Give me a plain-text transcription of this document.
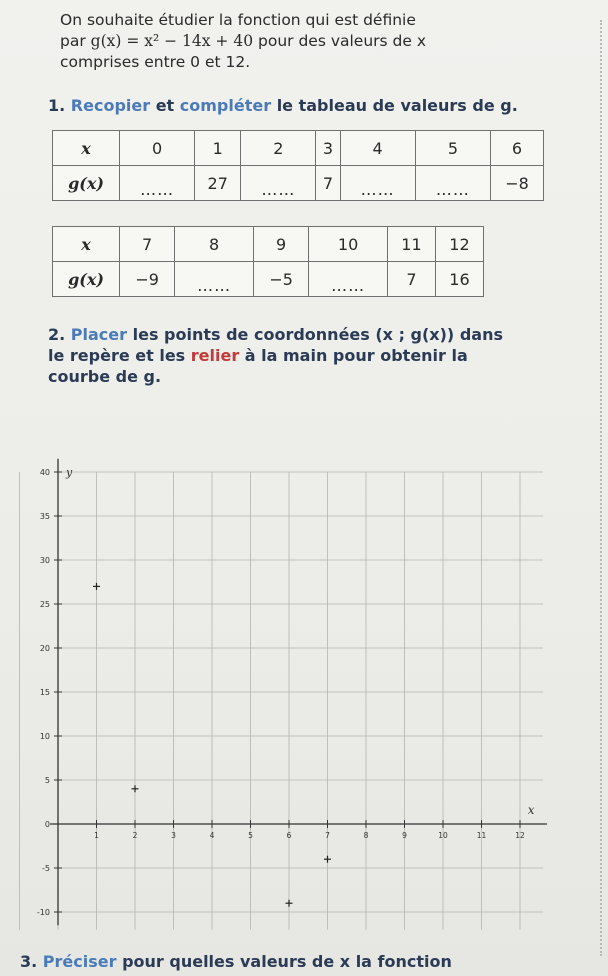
On souhaite étudier la fonction qui est définie
par g(x) = x² − 14x + 40 pour des valeurs de x
comprises entre 0 et 12.
1. Recopier et compléter le tableau de valeurs de g.
x	0	1	2	3	4	5	6
g(x)	……	27	……	7	……	……	−8
x	7	8	9	10	11	12
g(x)	−9	……	−5	……	7	16
2. Placer les points de coordonnées (x ; g(x)) dans
le repère et les relier à la main pour obtenir la
courbe de g.
40
35
30
25
20
15
10
5
0
-5
-10
1	2	3	4	5	6	7	8	9	10	11	12
y
x
3. Préciser pour quelles valeurs de x la fonction
